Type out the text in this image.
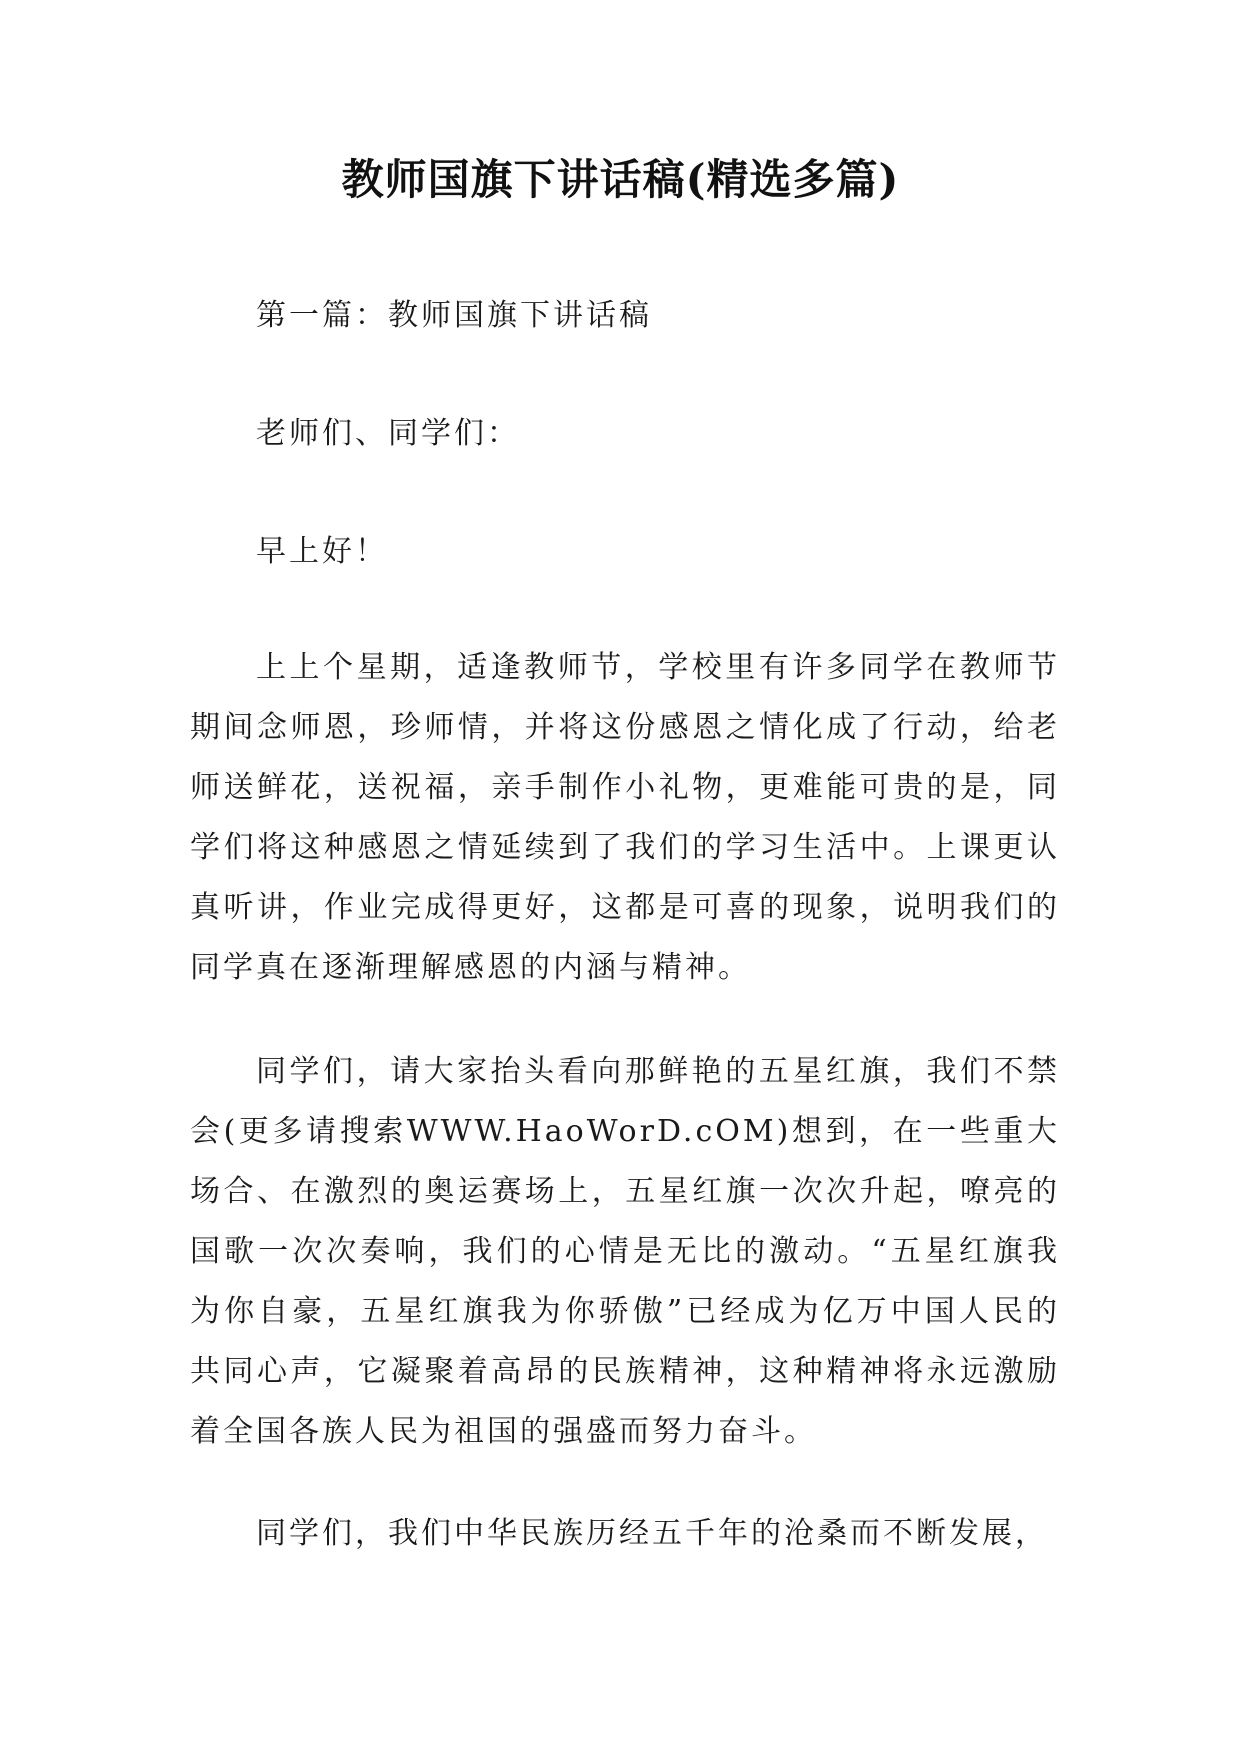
教师国旗下讲话稿(精选多篇)

第一篇：教师国旗下讲话稿

老师们、同学们：

早上好！

上上个星期，适逢教师节，学校里有许多同学在教师节期间念师恩，珍师情，并将这份感恩之情化成了行动，给老师送鲜花，送祝福，亲手制作小礼物，更难能可贵的是，同学们将这种感恩之情延续到了我们的学习生活中。上课更认真听讲，作业完成得更好，这都是可喜的现象，说明我们的同学真在逐渐理解感恩的内涵与精神。

同学们，请大家抬头看向那鲜艳的五星红旗，我们不禁会(更多请搜索WWW.HaoWorD.cOM)想到，在一些重大场合、在激烈的奥运赛场上，五星红旗一次次升起，嘹亮的国歌一次次奏响，我们的心情是无比的激动。“五星红旗我为你自豪，五星红旗我为你骄傲”已经成为亿万中国人民的共同心声，它凝聚着高昂的民族精神，这种精神将永远激励着全国各族人民为祖国的强盛而努力奋斗。

同学们，我们中华民族历经五千年的沧桑而不断发展，
